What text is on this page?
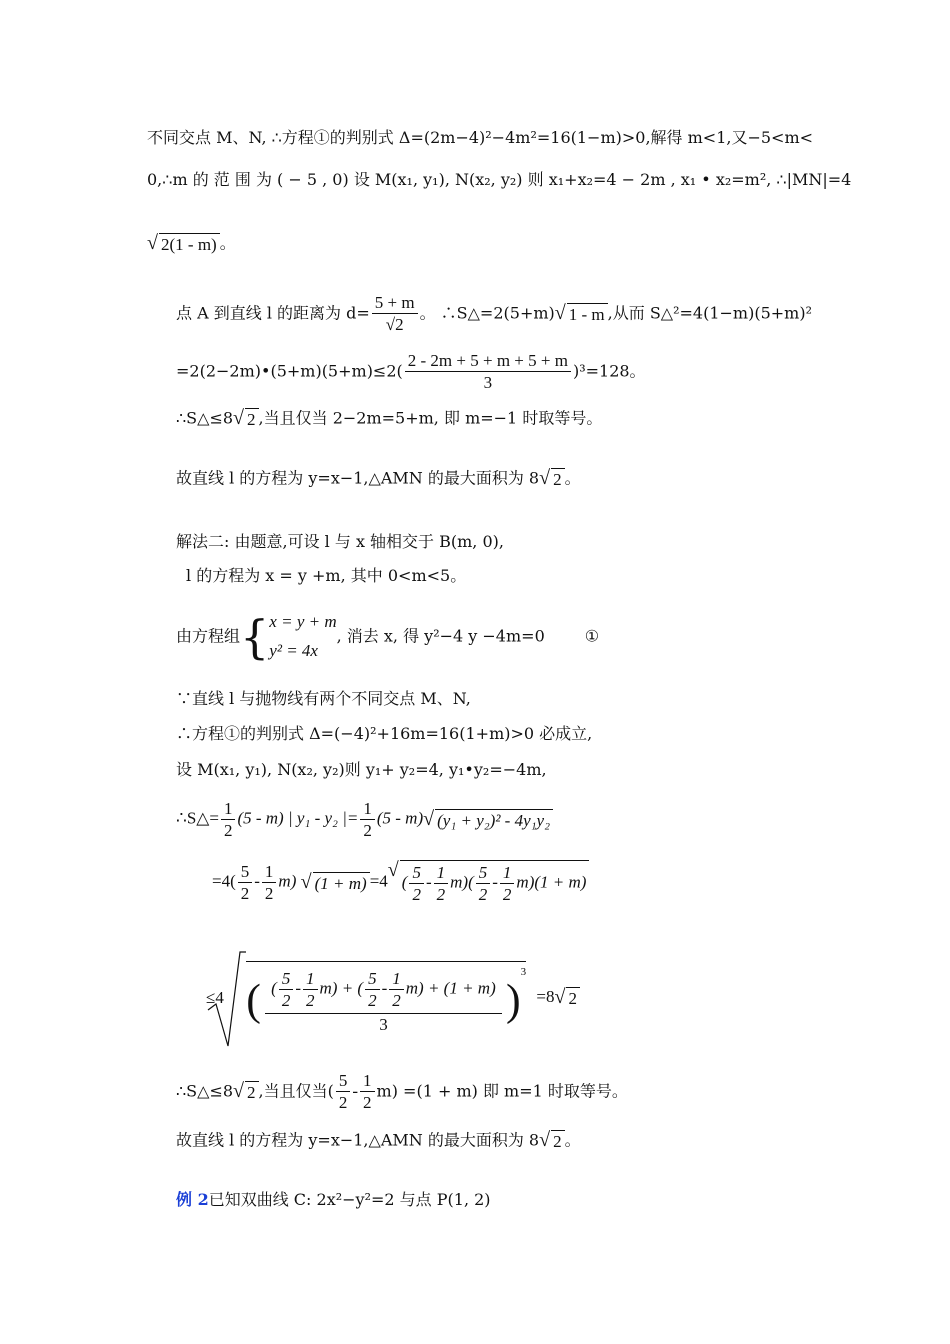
不同交点 M、N, ∴方程①的判别式 Δ=(2m−4)²−4m²=16(1−m)>0,解得 m<1,又−5<m<
0,∴m 的 范 围 为 ( − 5 , 0) 设 M(x₁, y₁), N(x₂, y₂) 则 x₁+x₂=4 − 2m , x₁ • x₂=m², ∴|MN|=4
√ 2(1 - m) 。
点 A 到直线 l 的距离为 $d= \frac{5 + m}{√2}$ 。 ∴S△=2(5+m)√ 1 - m ,从而 S△²=4(1−m)(5+m)²
=2(2−2m)•(5+m)(5+m)≤2( $\frac{2 - 2m + 5 + m + 5 + m}{3} )^3=128$。
∴S△≤8√ 2 ,当且仅当 2−2m=5+m, 即 m=−1 时取等号。
故直线 l 的方程为 y=x−1,△AMN 的最大面积为 8√ 2 。
解法二: 由题意,可设 l 与 x 轴相交于 B(m, 0),
l 的方程为 x = y +m, 其中 0<m<5。
由方程组{ x = y + m
y² = 4x
, 消去 x, 得 y²−4 y −4m=0	①
∵直线 l 与抛物线有两个不同交点 M、N,
∴方程①的判别式 Δ=(−4)²+16m=16(1+m)>0 必成立,
设 M(x₁, y₁), N(x₂, y₂)则 y₁+ y₂=4, y₁•y₂=−4m,
∴S△= $\frac{1}{2} (5 - m)$ | y₁ - y₂ |= $\frac{1}{2} (5 - m)√$ (y₁ + y₂)² - 4y₁y₂
$=4( \frac{5}{2} - \frac{1}{2} m)$ √ (1 + m) =4√ ( $\frac{5}{2} - \frac{1}{2} m)( \frac{5}{2} - \frac{1}{2} m)(1 + m)$

≤4 ( $\frac{( \frac{5}{2} - \frac{1}{2} m) + ( \frac{5}{2} - \frac{1}{2} m) + (1 + m)}{3} )^3 =8√$ 2
∴S△≤8√ 2 ,当且仅当( $\frac{5}{2} - \frac{1}{2} m) =(1 + m)$ 即 m=1 时取等号。
故直线 l 的方程为 y=x−1,△AMN 的最大面积为 8√ 2 。
例 2已知双曲线 C: 2x²−y²=2 与点 P(1, 2)
